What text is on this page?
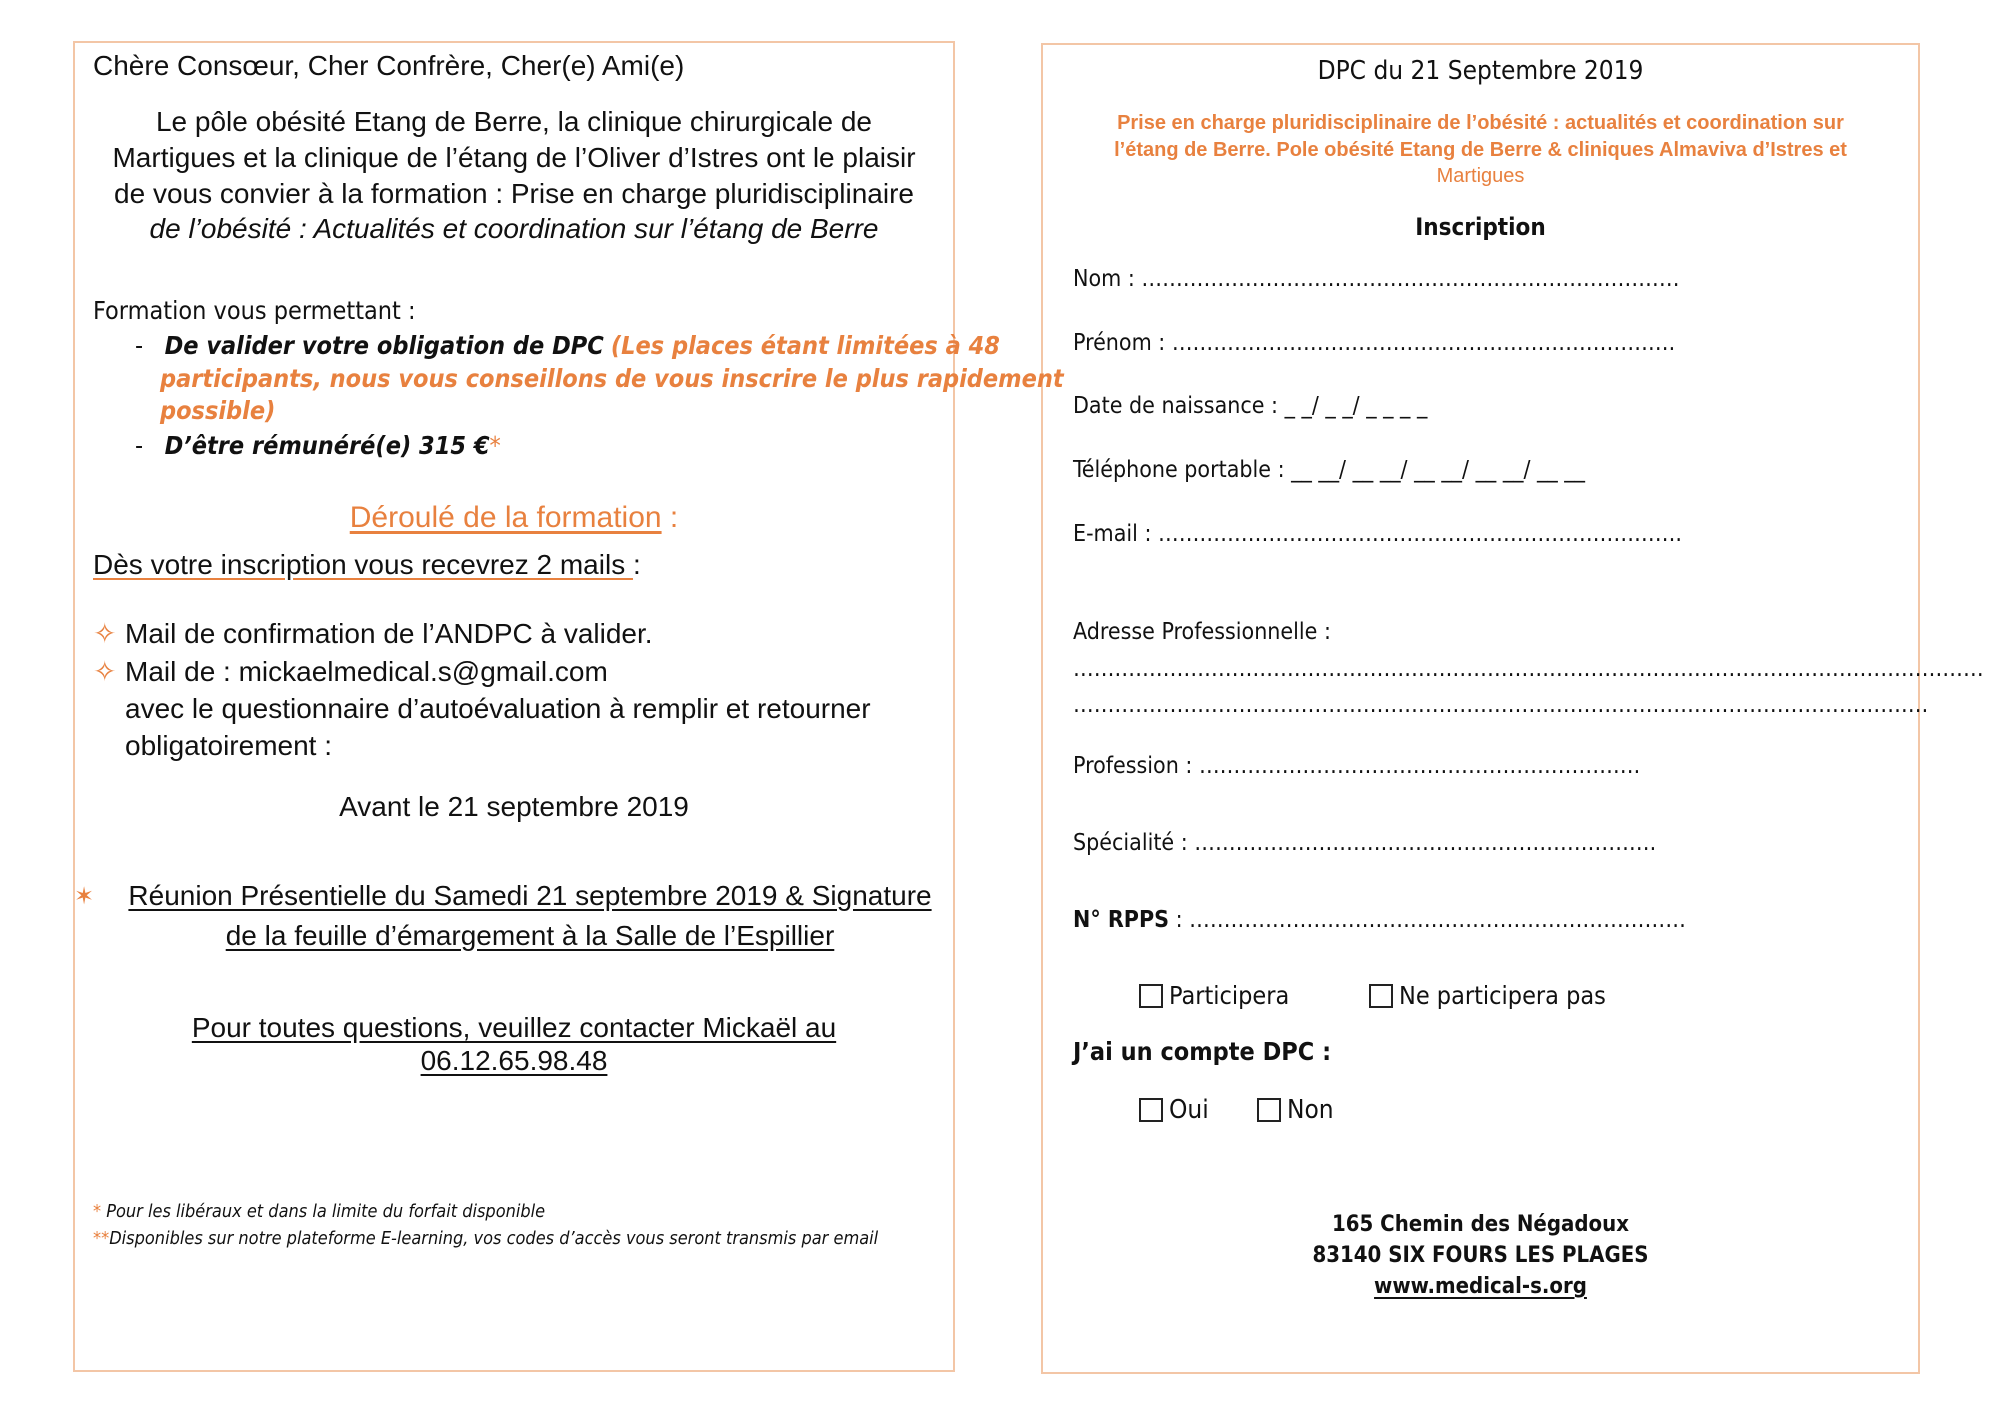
Chère Consœur, Cher Confrère, Cher(e) Ami(e)
Le pôle obésité Etang de Berre, la clinique chirurgicale de
Martigues et la clinique de l’étang de l’Oliver d’Istres ont le plaisir
de vous convier à la formation : Prise en charge pluridisciplinaire
de l’obésité : Actualités et coordination sur l’étang de Berre
Formation vous permettant :
- De valider votre obligation de DPC (Les places étant limitées à 48
participants, nous vous conseillons de vous inscrire le plus rapidement
possible)
- D’être rémunéré(e) 315 €*
Déroulé de la formation :
Dès votre inscription vous recevrez 2 mails :
✧ Mail de confirmation de l’ANDPC à valider.
✧ Mail de : mickaelmedical.s@gmail.com
avec le questionnaire d’autoévaluation à remplir et retourner
obligatoirement :
Avant le 21 septembre 2019
✶	Réunion Présentielle du Samedi 21 septembre 2019 & Signature
de la feuille d’émargement à la Salle de l’Espillier
Pour toutes questions, veuillez contacter Mickaël au
06.12.65.98.48
* Pour les libéraux et dans la limite du forfait disponible
**Disponibles sur notre plateforme E-learning, vos codes d’accès vous seront transmis par email
DPC du 21 Septembre 2019
Prise en charge pluridisciplinaire de l’obésité : actualités et coordination sur
l’étang de Berre. Pole obésité Etang de Berre & cliniques Almaviva d’Istres et
Martigues
Inscription
Nom : ……………………………………………………………………
Prénom : ……………………………………………………………….
Date de naissance : _ _/ _ _/ _ _ _ _
Téléphone portable : __ __/ __ __/ __ __/ __ __/ __ __
E-mail : ………………………………………………………………….
Adresse Professionnelle :
……………………………………………………………………………………………………………………
…………………………………………………………………………………………………………….
Profession : ……………………………………………………….
Spécialité : ………………………………………………………….
N° RPPS : ………………………………………………………………
Participera	Ne participera pas
J’ai un compte DPC :
Oui	Non
165 Chemin des Négadoux
83140 SIX FOURS LES PLAGES
www.medical-s.org
